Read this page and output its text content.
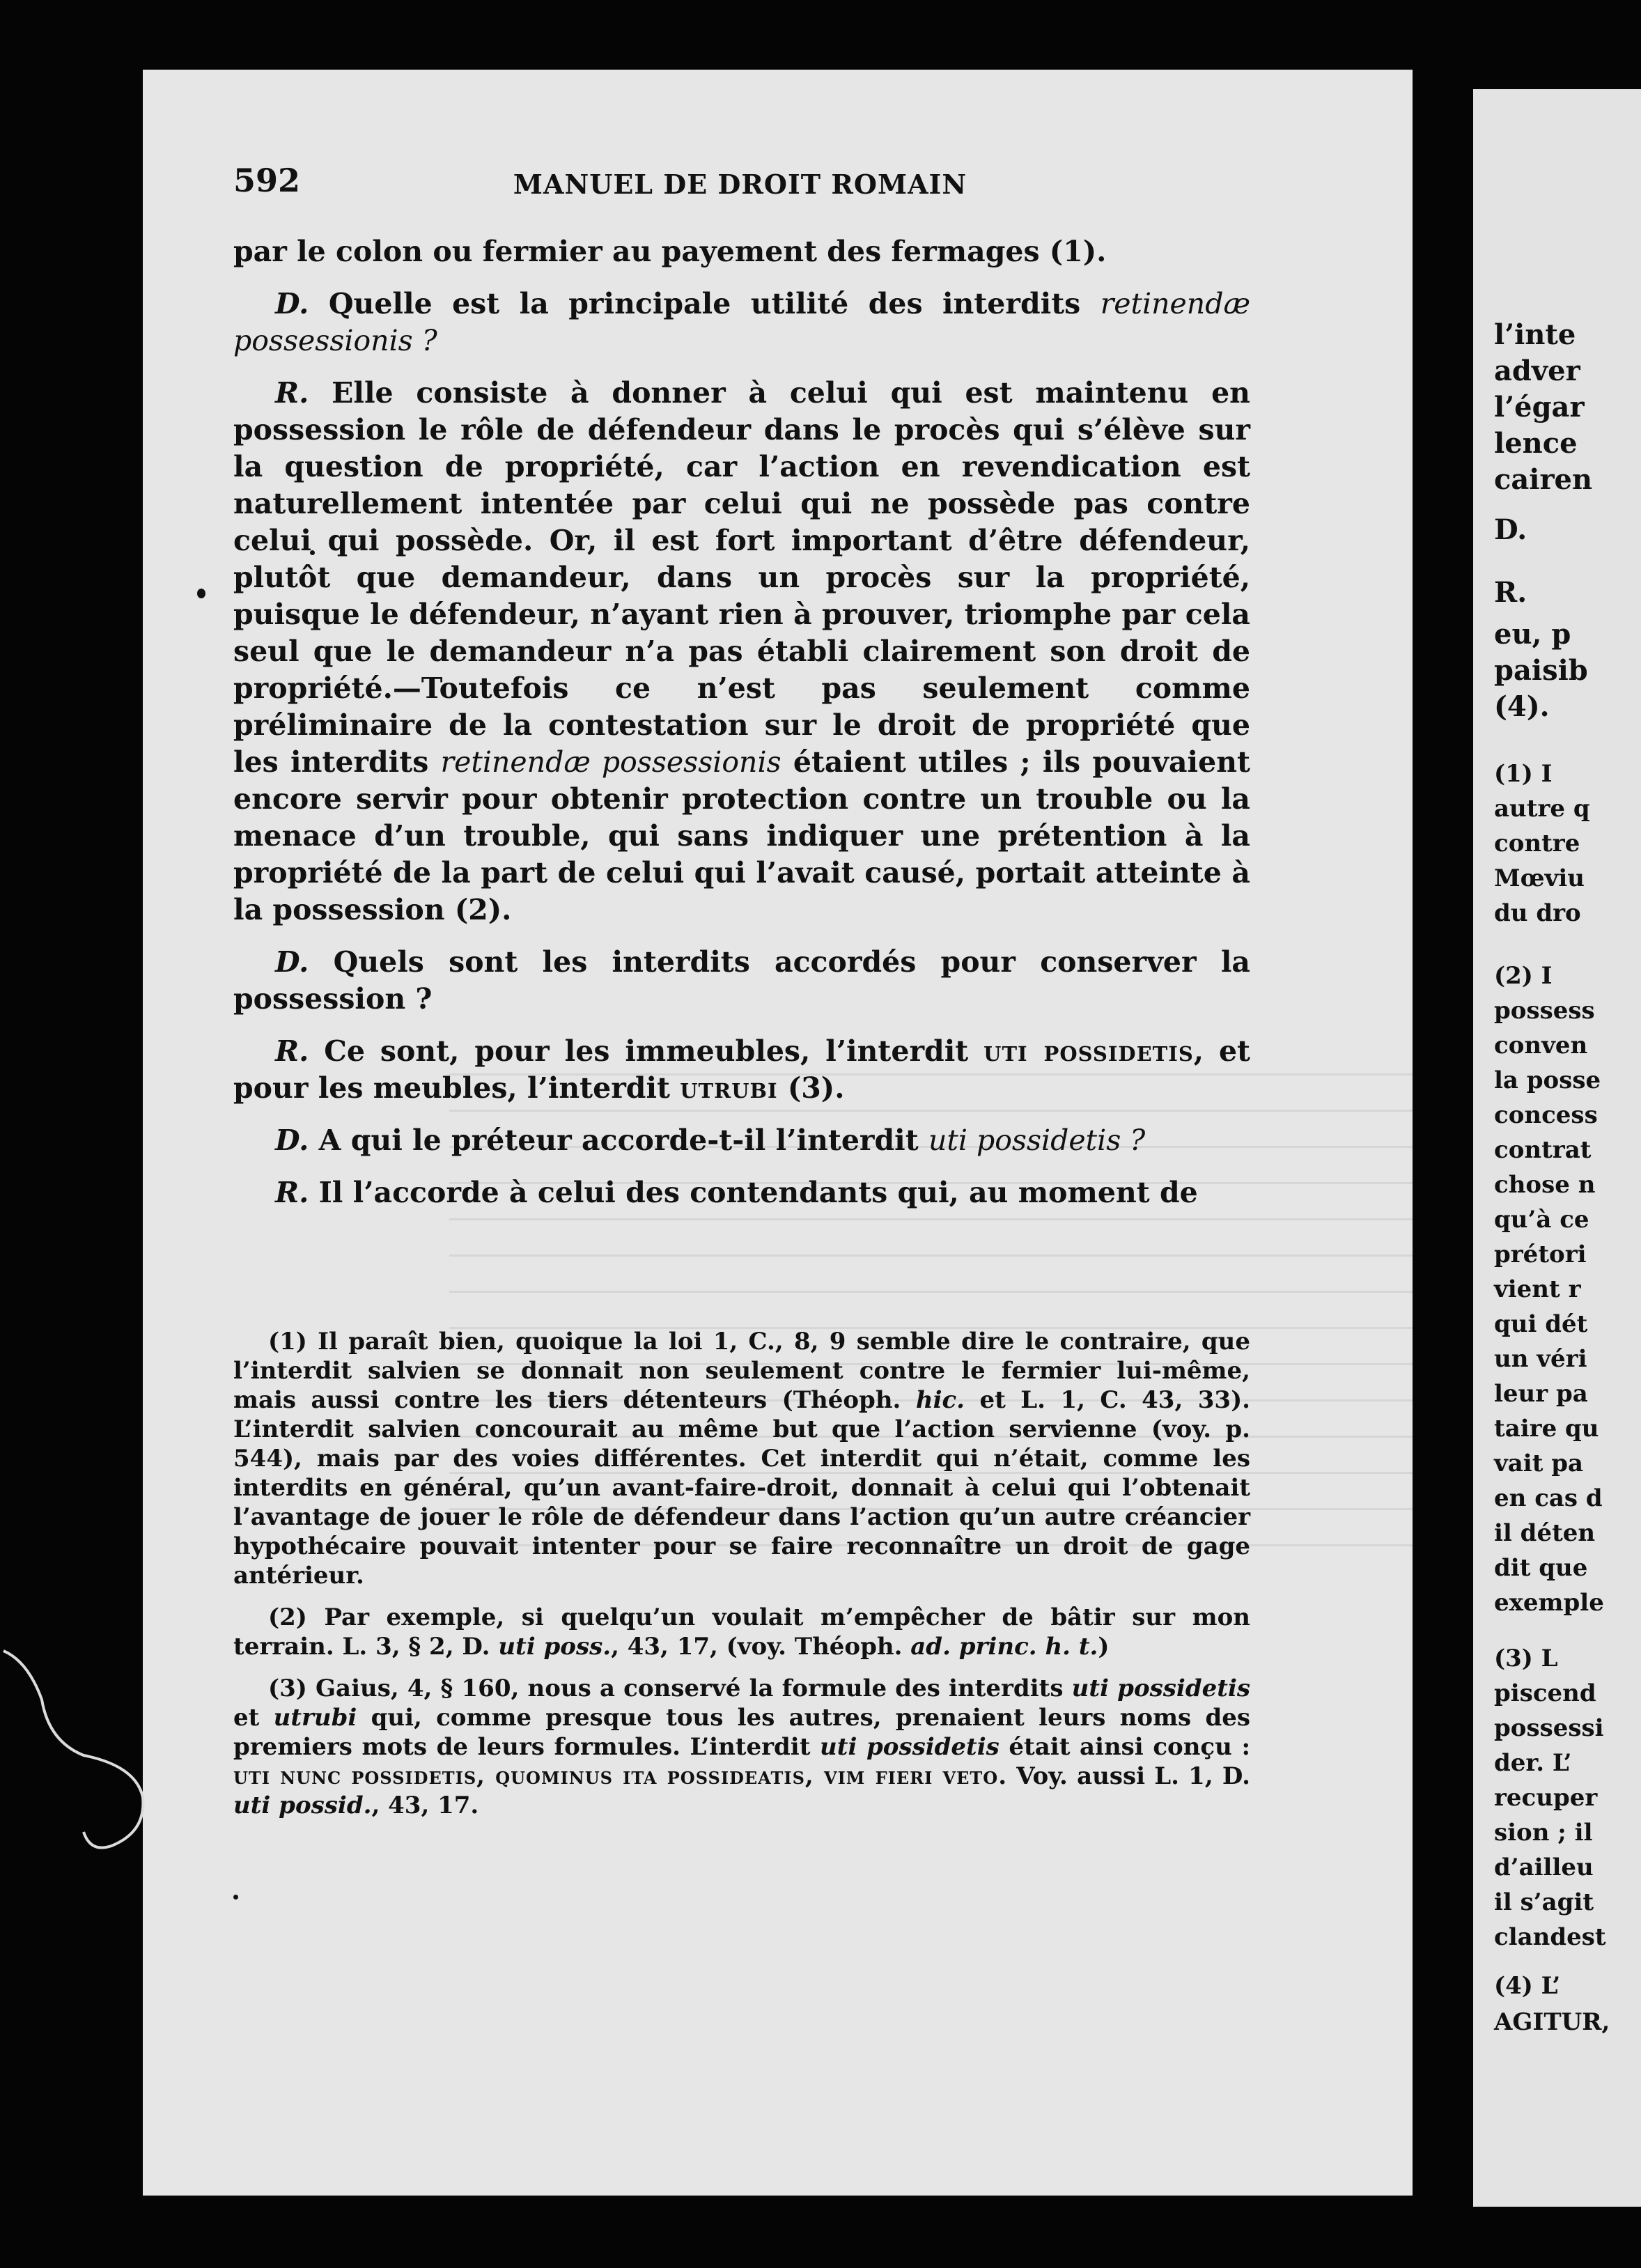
592	MANUEL DE DROIT ROMAIN

par le colon ou fermier au payement des fermages (1).

D. Quelle est la principale utilité des interdits retinendæ possessionis ?

R. Elle consiste à donner à celui qui est maintenu en possession le rôle de défendeur dans le procès qui s’élève sur la question de propriété, car l’action en revendication est naturellement intentée par celui qui ne possède pas contre celui qui possède. Or, il est fort important d’être défendeur, plutôt que demandeur, dans un procès sur la propriété, puisque le défendeur, n’ayant rien à prouver, triomphe par cela seul que le demandeur n’a pas établi clairement son droit de propriété.—Toutefois ce n’est pas seulement comme préliminaire de la contestation sur le droit de propriété que les interdits retinendæ possessionis étaient utiles ; ils pouvaient encore servir pour obtenir protection contre un trouble ou la menace d’un trouble, qui sans indiquer une prétention à la propriété de la part de celui qui l’avait causé, portait atteinte à la possession (2).

D. Quels sont les interdits accordés pour conserver la possession ?

R. Ce sont, pour les immeubles, l’interdit uti possidetis, et pour les meubles, l’interdit utrubi (3).

D. A qui le préteur accorde-t-il l’interdit uti possidetis ?

R. Il l’accorde à celui des contendants qui, au moment de

(1) Il paraît bien, quoique la loi 1, C., 8, 9 semble dire le contraire, que l’interdit salvien se donnait non seulement contre le fermier lui-même, mais aussi contre les tiers détenteurs (Théoph. hic. et L. 1, C. 43, 33). L’interdit salvien concourait au même but que l’action servienne (voy. p. 544), mais par des voies différentes. Cet interdit qui n’était, comme les interdits en général, qu’un avant-faire-droit, donnait à celui qui l’obtenait l’avantage de jouer le rôle de défendeur dans l’action qu’un autre créancier hypothécaire pouvait intenter pour se faire reconnaître un droit de gage antérieur.

(2) Par exemple, si quelqu’un voulait m’empêcher de bâtir sur mon terrain. L. 3, § 2, D. uti poss., 43, 17, (voy. Théoph. ad. princ. h. t.)

(3) Gaius, 4, § 160, nous a conservé la formule des interdits uti possidetis et utrubi qui, comme presque tous les autres, prenaient leurs noms des premiers mots de leurs formules. L’interdit uti possidetis était ainsi conçu : uti nunc possidetis, quominus ita possideatis, vim fieri veto. Voy. aussi L. 1, D. uti possid., 43, 17.

l’inte
adver
l’égar
lence
cairen
D.
R.
eu, p
paisib
(4).
(1) I
autre q
contre
Mœviu
du dro
(2) I
possess
conven
la posse
concess
contrat
chose n
qu’à ce
prétori
vient r
qui dét
un véri
leur pa
taire qu
vait pa
en cas d
il déten
dit que
exemple
(3) L
piscend
possessi
der. L’
recuper
sion ; il
d’ailleu
il s’agit
clandest
(4) L’
AGITUR,
